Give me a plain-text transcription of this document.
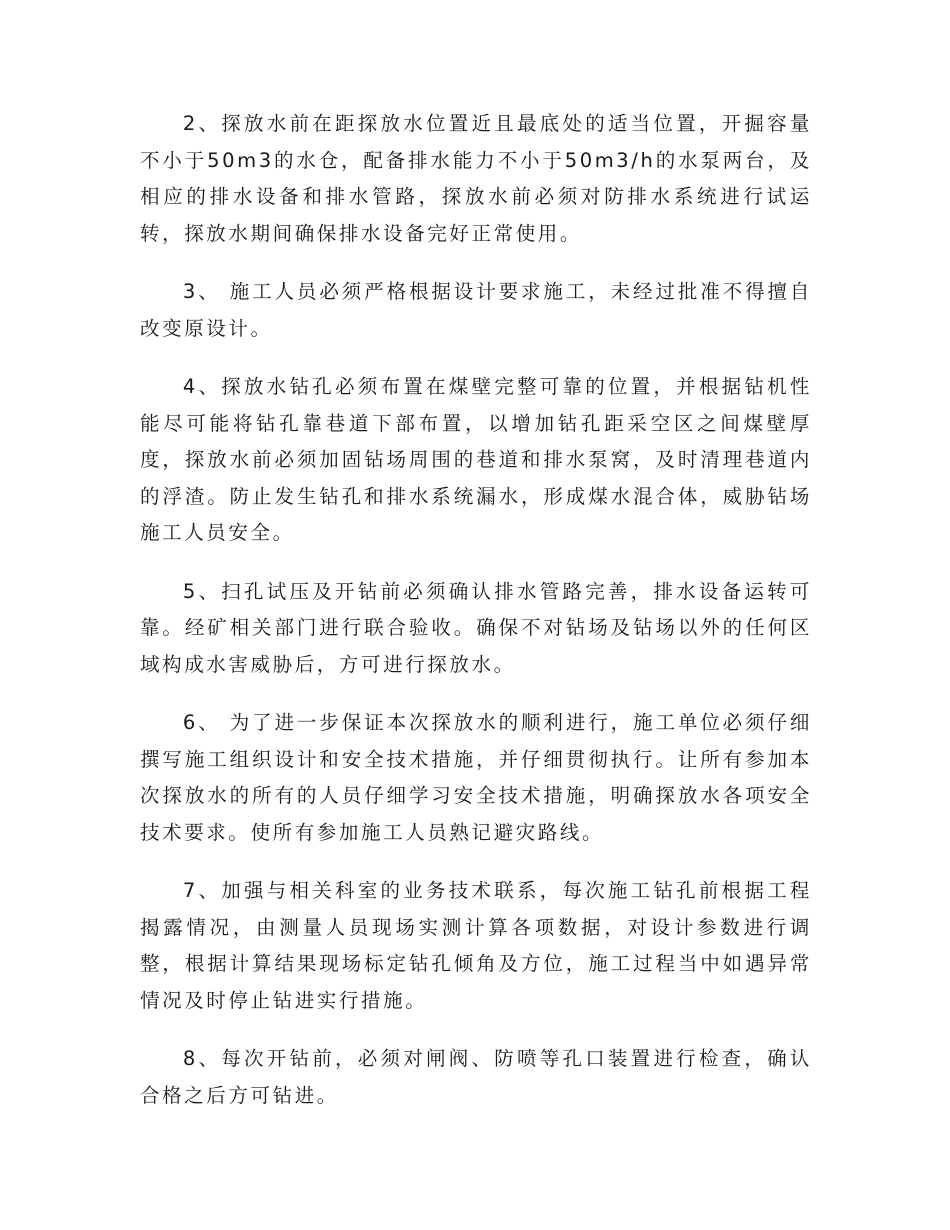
2、探放水前在距探放水位置近且最底处的适当位置，开掘容量不小于50m3的水仓，配备排水能力不小于50m3/h的水泵两台，及相应的排水设备和排水管路，探放水前必须对防排水系统进行试运转，探放水期间确保排水设备完好正常使用。

3、 施工人员必须严格根据设计要求施工，未经过批准不得擅自改变原设计。

4、探放水钻孔必须布置在煤壁完整可靠的位置，并根据钻机性能尽可能将钻孔靠巷道下部布置，以增加钻孔距采空区之间煤壁厚度，探放水前必须加固钻场周围的巷道和排水泵窝，及时清理巷道内的浮渣。防止发生钻孔和排水系统漏水，形成煤水混合体，威胁钻场施工人员安全。

5、扫孔试压及开钻前必须确认排水管路完善，排水设备运转可靠。经矿相关部门进行联合验收。确保不对钻场及钻场以外的任何区域构成水害威胁后，方可进行探放水。

6、 为了进一步保证本次探放水的顺利进行，施工单位必须仔细撰写施工组织设计和安全技术措施，并仔细贯彻执行。让所有参加本次探放水的所有的人员仔细学习安全技术措施，明确探放水各项安全技术要求。使所有参加施工人员熟记避灾路线。

7、加强与相关科室的业务技术联系，每次施工钻孔前根据工程揭露情况，由测量人员现场实测计算各项数据，对设计参数进行调整，根据计算结果现场标定钻孔倾角及方位，施工过程当中如遇异常情况及时停止钻进实行措施。

8、每次开钻前，必须对闸阀、防喷等孔口装置进行检查，确认合格之后方可钻进。
